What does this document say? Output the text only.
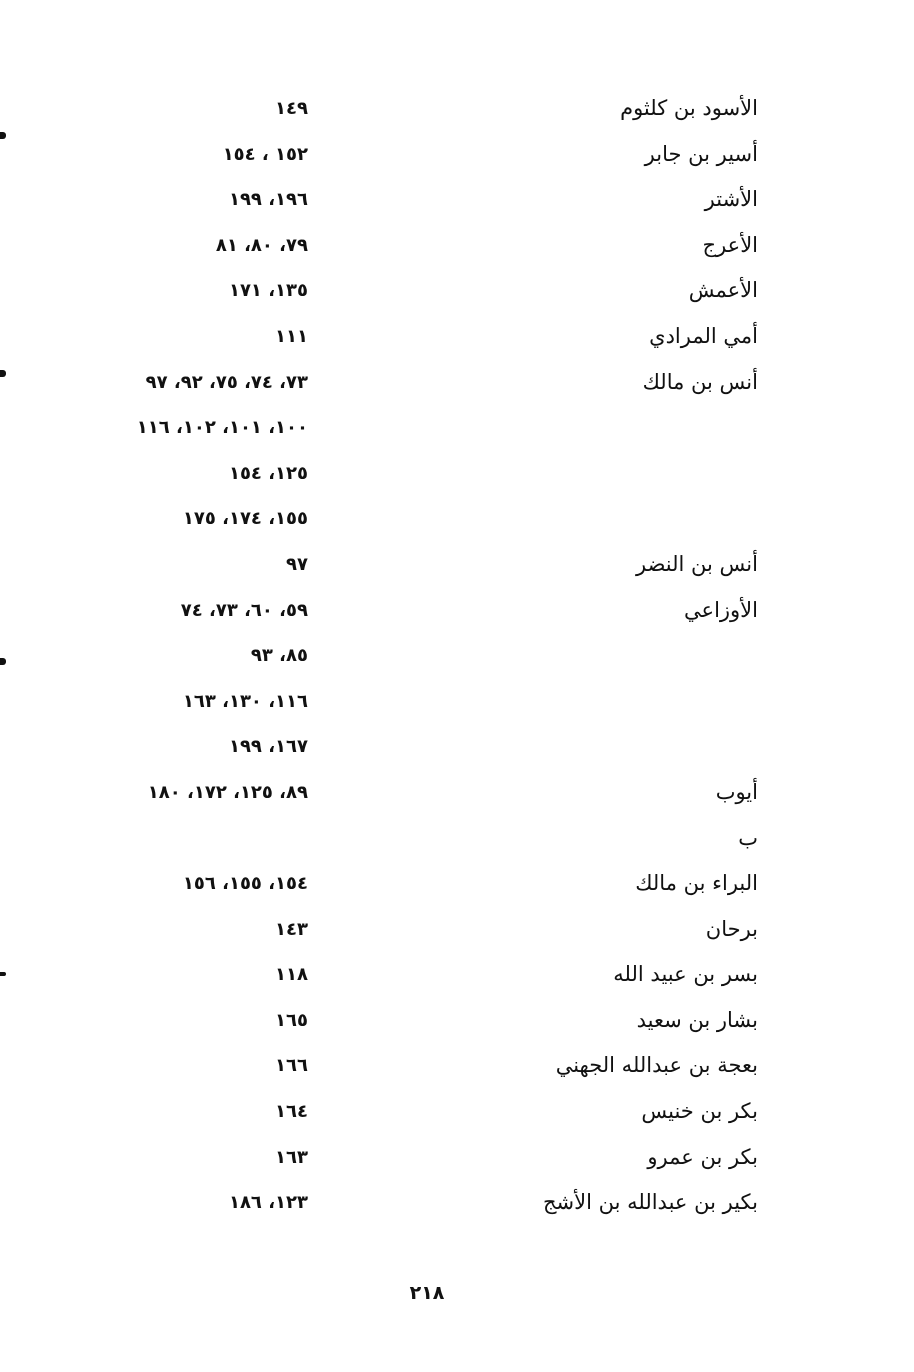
الأسود بن كلثوم
١٤٩
أسير بن جابر
١٥٢ ، ١٥٤
الأشتر
١٩٦، ١٩٩
الأعرج
٧٩، ٨٠، ٨١
الأعمش
١٣٥، ١٧١
أمي المرادي
١١١
أنس بن مالك
٧٣، ٧٤، ٧٥، ٩٢، ٩٧
١٠٠، ١٠١، ١٠٢، ١١٦
١٢٥، ١٥٤
١٥٥، ١٧٤، ١٧٥
أنس بن النضر
٩٧
الأوزاعي
٥٩، ٦٠، ٧٣، ٧٤
٨٥، ٩٣
١١٦، ١٣٠، ١٦٣
١٦٧، ١٩٩
أيوب
٨٩، ١٢٥، ١٧٢، ١٨٠
ب
البراء بن مالك
١٥٤، ١٥٥، ١٥٦
برحان
١٤٣
بسر بن عبيد الله
١١٨
بشار بن سعيد
١٦٥
بعجة بن عبدالله الجهني
١٦٦
بكر بن خنيس
١٦٤
بكر بن عمرو
١٦٣
بكير بن عبدالله بن الأشج
١٢٣، ١٨٦
٢١٨
